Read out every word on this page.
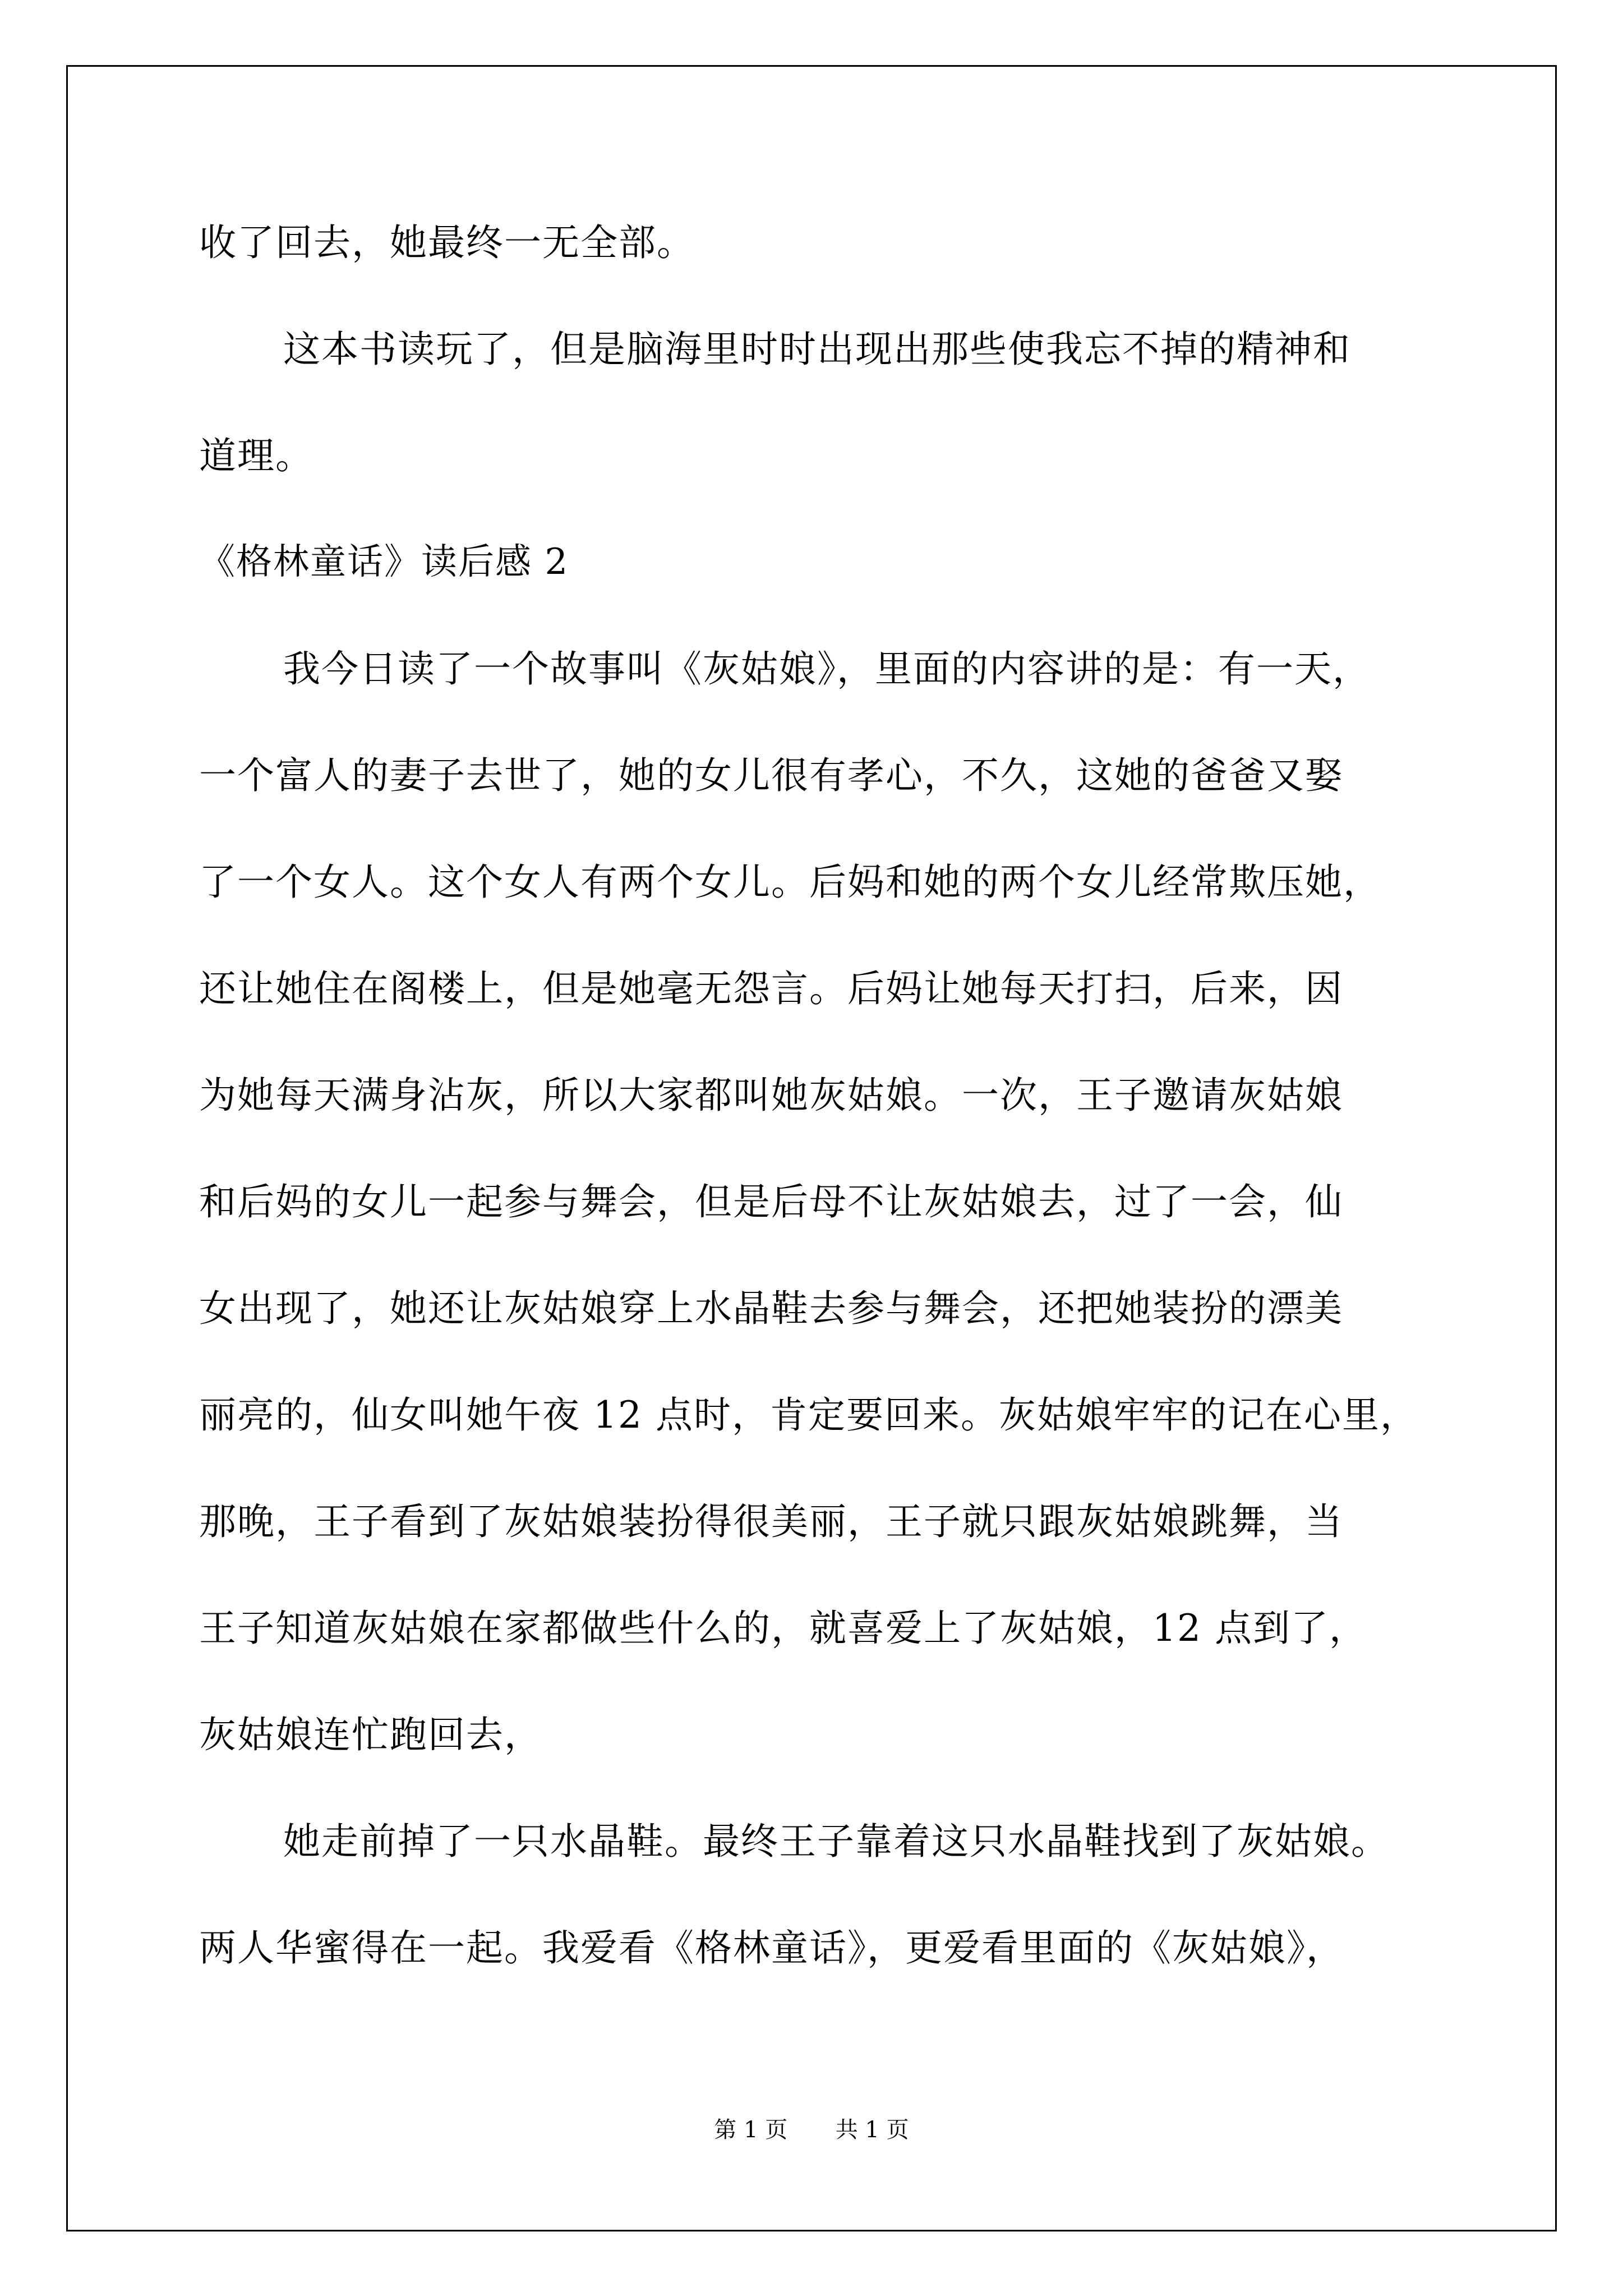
收了回去，她最终一无全部。
这本书读玩了，但是脑海里时时出现出那些使我忘不掉的精神和
道理。
《格林童话》读后感 2
我今日读了一个故事叫《灰姑娘》，里面的内容讲的是：有一天，
一个富人的妻子去世了，她的女儿很有孝心，不久，这她的爸爸又娶
了一个女人。这个女人有两个女儿。后妈和她的两个女儿经常欺压她，
还让她住在阁楼上，但是她毫无怨言。后妈让她每天打扫，后来，因
为她每天满身沾灰，所以大家都叫她灰姑娘。一次，王子邀请灰姑娘
和后妈的女儿一起参与舞会，但是后母不让灰姑娘去，过了一会，仙
女出现了，她还让灰姑娘穿上水晶鞋去参与舞会，还把她装扮的漂美
丽亮的，仙女叫她午夜 12 点时，肯定要回来。灰姑娘牢牢的记在心里，
那晚，王子看到了灰姑娘装扮得很美丽，王子就只跟灰姑娘跳舞，当
王子知道灰姑娘在家都做些什么的，就喜爱上了灰姑娘，12 点到了，
灰姑娘连忙跑回去，
她走前掉了一只水晶鞋。最终王子靠着这只水晶鞋找到了灰姑娘。
两人华蜜得在一起。我爱看《格林童话》，更爱看里面的《灰姑娘》，
第 1 页 共 1 页
